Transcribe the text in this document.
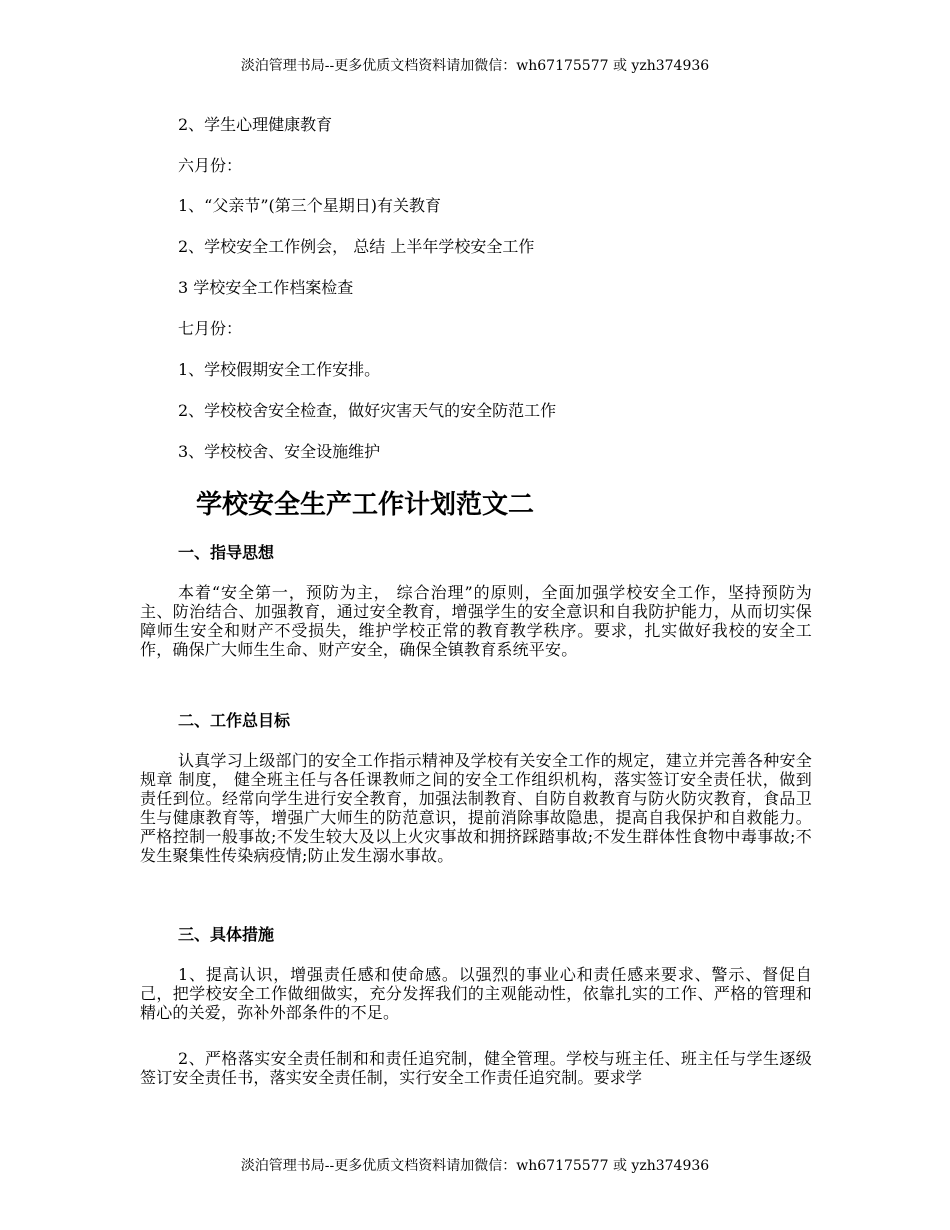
淡泊管理书局--更多优质文档资料请加微信：wh67175577 或 yzh374936
2、学生心理健康教育
六月份：
1、“父亲节”(第三个星期日)有关教育
2、学校安全工作例会， 总结 上半年学校安全工作
3 学校安全工作档案检查
七月份：
1、学校假期安全工作安排。
2、学校校舍安全检查，做好灾害天气的安全防范工作
3、学校校舍、安全设施维护
学校安全生产工作计划范文二
一、指导思想
本着“安全第一，预防为主， 综合治理”的原则，全面加强学校安全工作，坚持预防为主、防治结合、加强教育，通过安全教育，增强学生的安全意识和自我防护能力，从而切实保障师生安全和财产不受损失，维护学校正常的教育教学秩序。要求，扎实做好我校的安全工作，确保广大师生生命、财产安全，确保全镇教育系统平安。
二、工作总目标
认真学习上级部门的安全工作指示精神及学校有关安全工作的规定，建立并完善各种安全 规章 制度， 健全班主任与各任课教师之间的安全工作组织机构，落实签订安全责任状，做到责任到位。经常向学生进行安全教育，加强法制教育、自防自救教育与防火防灾教育，食品卫生与健康教育等，增强广大师生的防范意识，提前消除事故隐患，提高自我保护和自救能力。严格控制一般事故;不发生较大及以上火灾事故和拥挤踩踏事故;不发生群体性食物中毒事故;不发生聚集性传染病疫情;防止发生溺水事故。
三、具体措施
1、提高认识，增强责任感和使命感。以强烈的事业心和责任感来要求、警示、督促自己，把学校安全工作做细做实，充分发挥我们的主观能动性，依靠扎实的工作、严格的管理和精心的关爱，弥补外部条件的不足。
2、严格落实安全责任制和和责任追究制，健全管理。学校与班主任、班主任与学生逐级签订安全责任书，落实安全责任制，实行安全工作责任追究制。要求学
淡泊管理书局--更多优质文档资料请加微信：wh67175577 或 yzh374936
